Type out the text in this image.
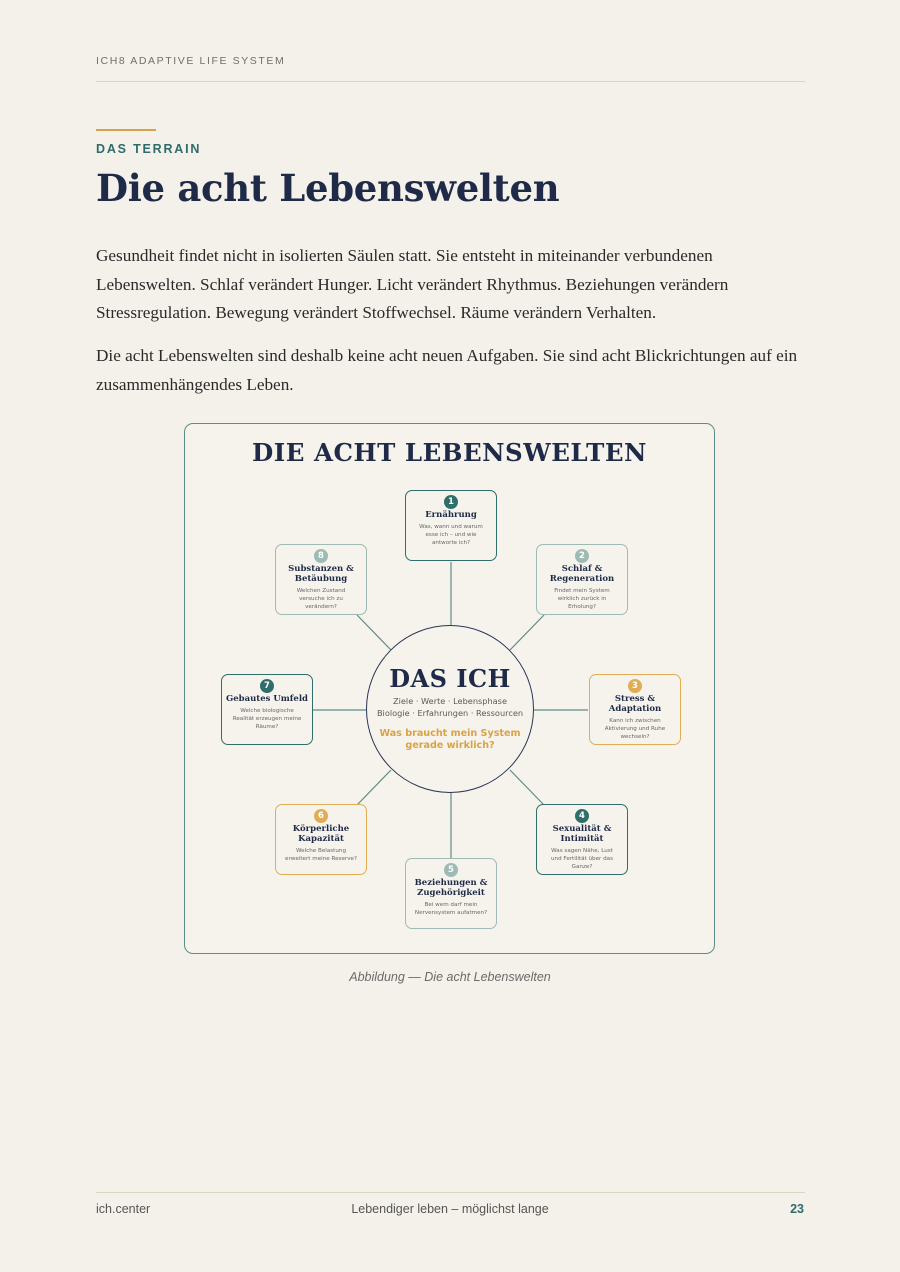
ICH8 ADAPTIVE LIFE SYSTEM
DAS TERRAIN
Die acht Lebenswelten

Gesundheit findet nicht in isolierten Säulen statt. Sie entsteht in miteinander verbundenen Lebenswelten. Schlaf verändert Hunger. Licht verändert Rhythmus. Beziehungen verändern Stressregulation. Bewegung verändert Stoffwechsel. Räume verändern Verhalten.

Die acht Lebenswelten sind deshalb keine acht neuen Aufgaben. Sie sind acht Blickrichtungen auf ein zusammenhängendes Leben.

DIE ACHT LEBENSWELTEN
DAS ICH
Ziele · Werte · Lebensphase
Biologie · Erfahrungen · Ressourcen
Was braucht mein System gerade wirklich?
1
Ernährung
Was, wann und warum esse ich – und wie antworte ich?
2
Schlaf & Regeneration
Findet mein System wirklich zurück in Erholung?
3
Stress & Adaptation
Kann ich zwischen Aktivierung und Ruhe wechseln?
4
Sexualität & Intimität
Was sagen Nähe, Lust und Fertilität über das Ganze?
5
Beziehungen & Zugehörigkeit
Bei wem darf mein Nervensystem aufatmen?
6
Körperliche Kapazität
Welche Belastung erweitert meine Reserve?
7
Gebautes Umfeld
Welche biologische Realität erzeugen meine Räume?
8
Substanzen & Betäubung
Welchen Zustand versuche ich zu verändern?
Abbildung — Die acht Lebenswelten
ich.center	Lebendiger leben – möglichst lange	23
